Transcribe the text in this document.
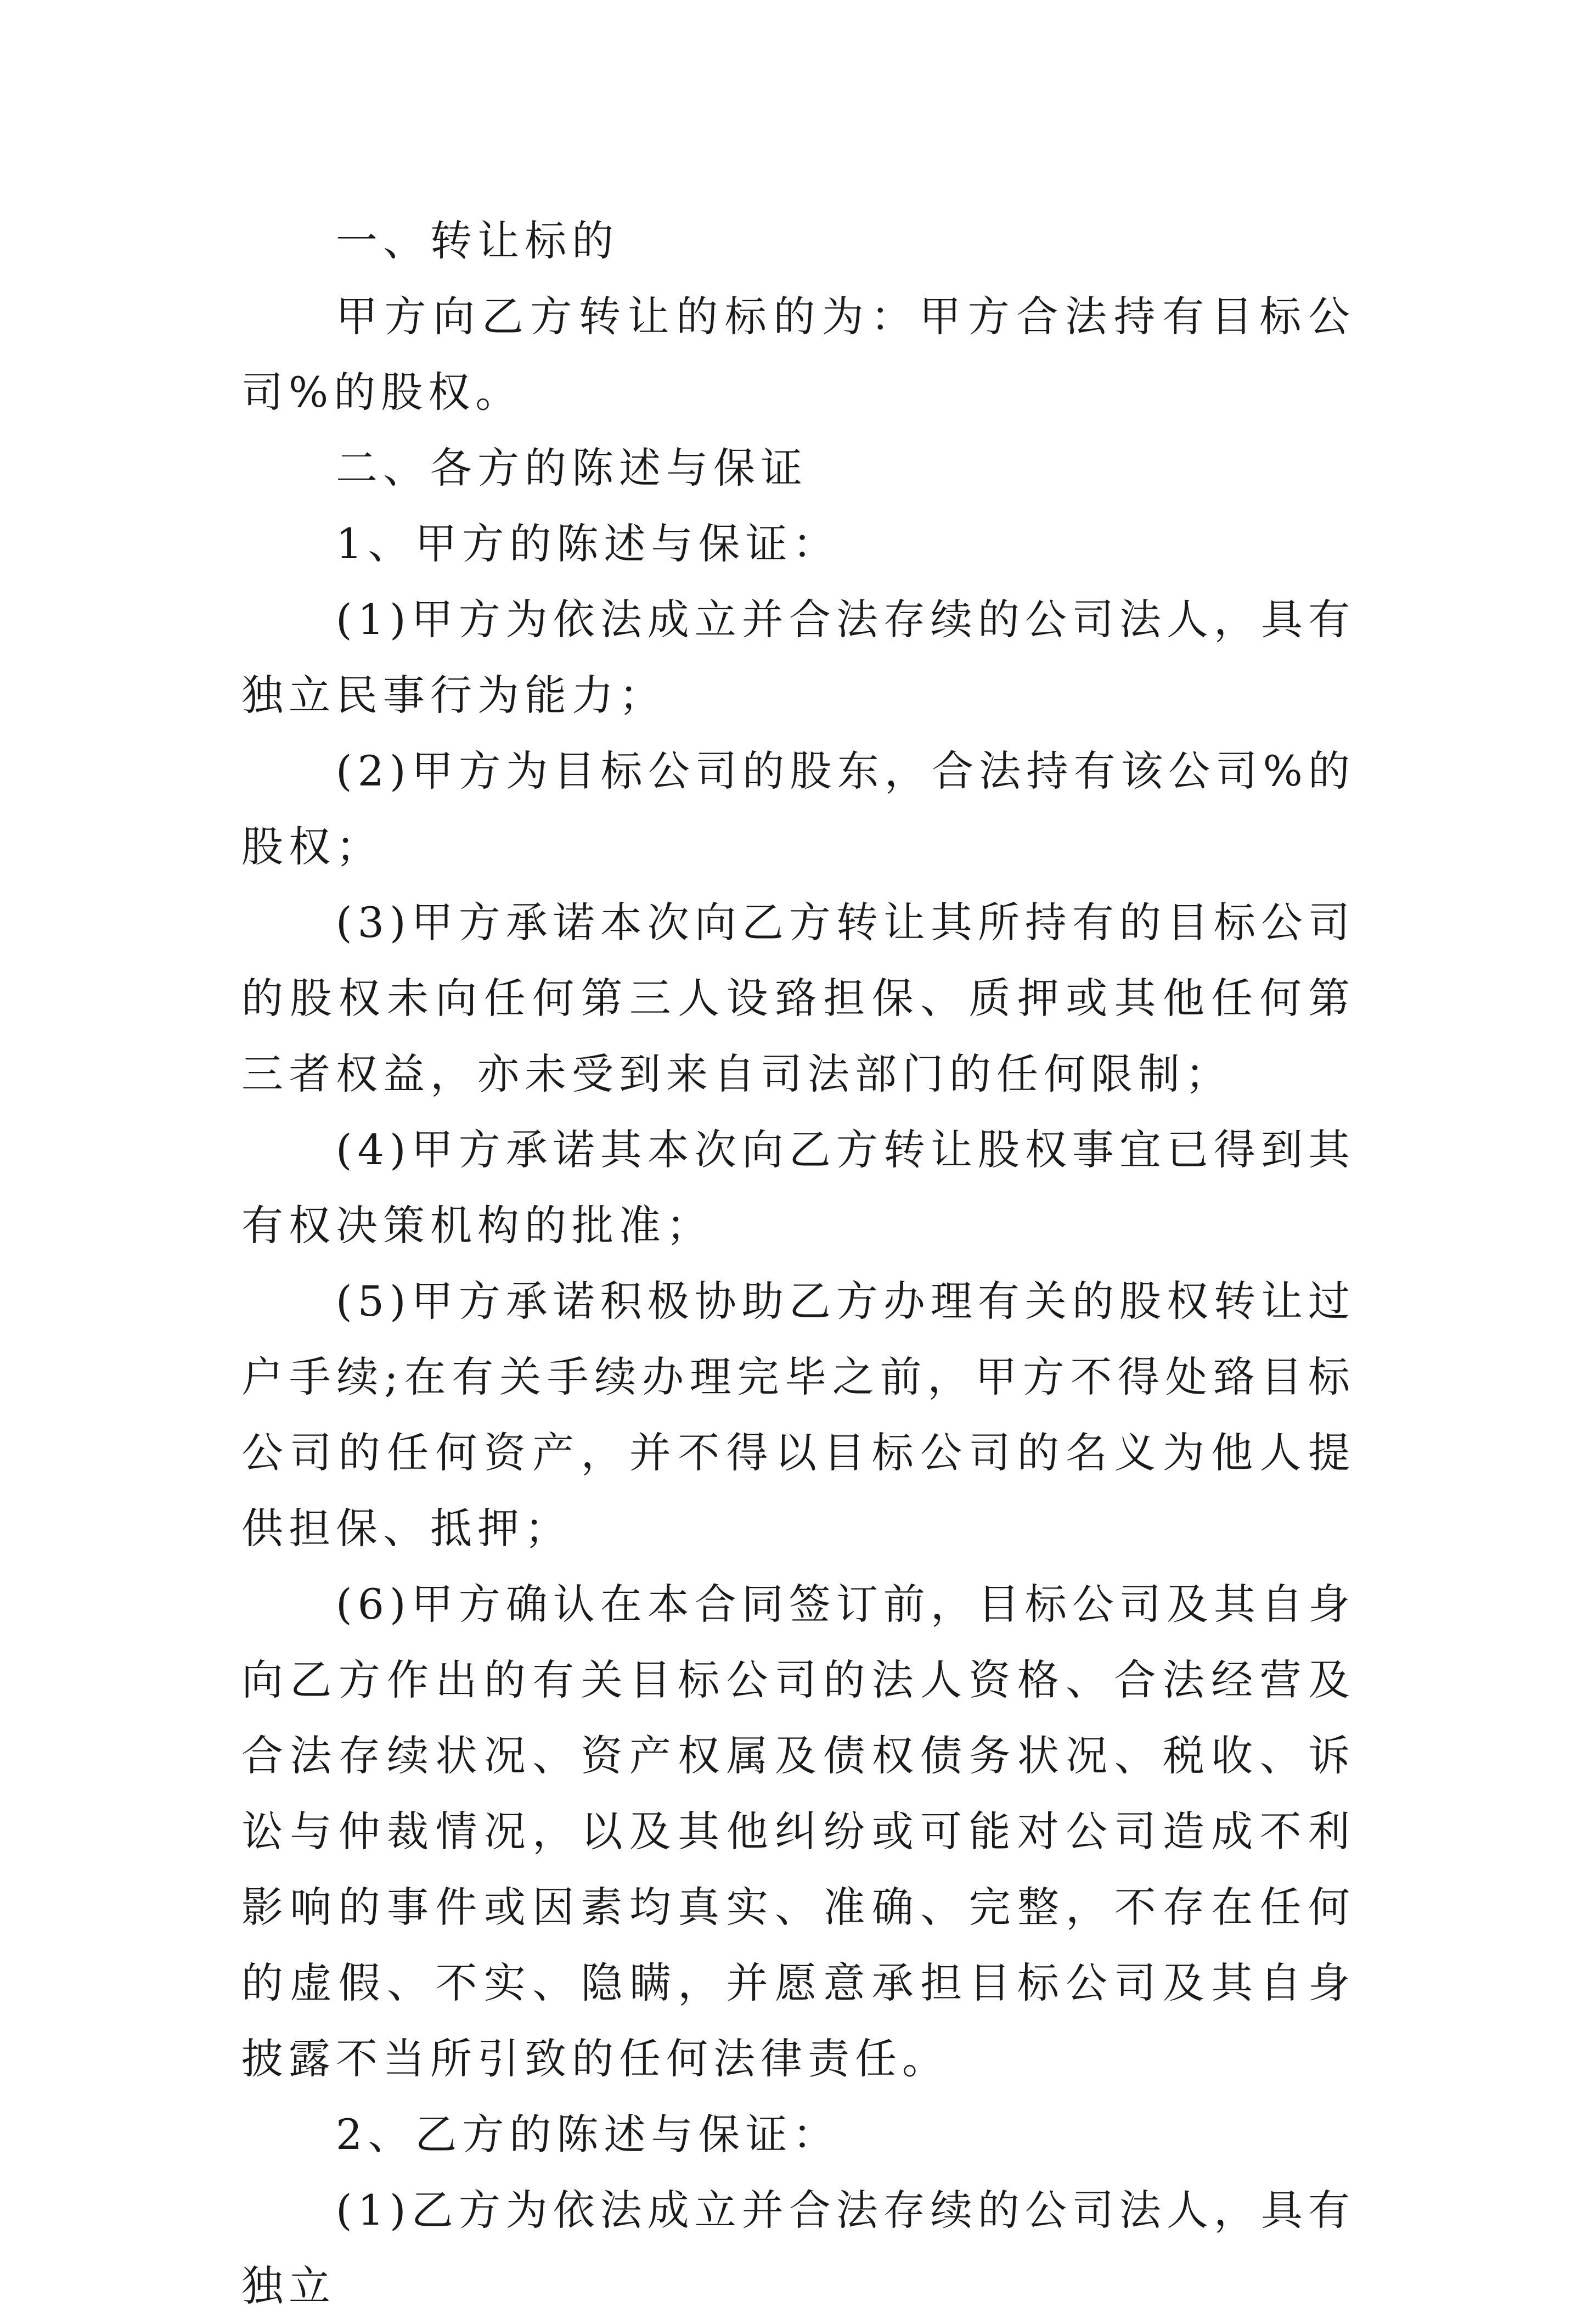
一、转让标的

甲方向乙方转让的标的为：甲方合法持有目标公司%的股权。

二、各方的陈述与保证

1、甲方的陈述与保证：

(1)甲方为依法成立并合法存续的公司法人，具有独立民事行为能力；

(2)甲方为目标公司的股东，合法持有该公司%的股权；

(3)甲方承诺本次向乙方转让其所持有的目标公司的股权未向任何第三人设臵担保、质押或其他任何第三者权益，亦未受到来自司法部门的任何限制；

(4)甲方承诺其本次向乙方转让股权事宜已得到其有权决策机构的批准；

(5)甲方承诺积极协助乙方办理有关的股权转让过户手续;在有关手续办理完毕之前，甲方不得处臵目标公司的任何资产，并不得以目标公司的名义为他人提供担保、抵押；

(6)甲方确认在本合同签订前，目标公司及其自身向乙方作出的有关目标公司的法人资格、合法经营及合法存续状况、资产权属及债权债务状况、税收、诉讼与仲裁情况，以及其他纠纷或可能对公司造成不利影响的事件或因素均真实、准确、完整，不存在任何的虚假、不实、隐瞒，并愿意承担目标公司及其自身披露不当所引致的任何法律责任。

2、乙方的陈述与保证：

(1)乙方为依法成立并合法存续的公司法人，具有独立
